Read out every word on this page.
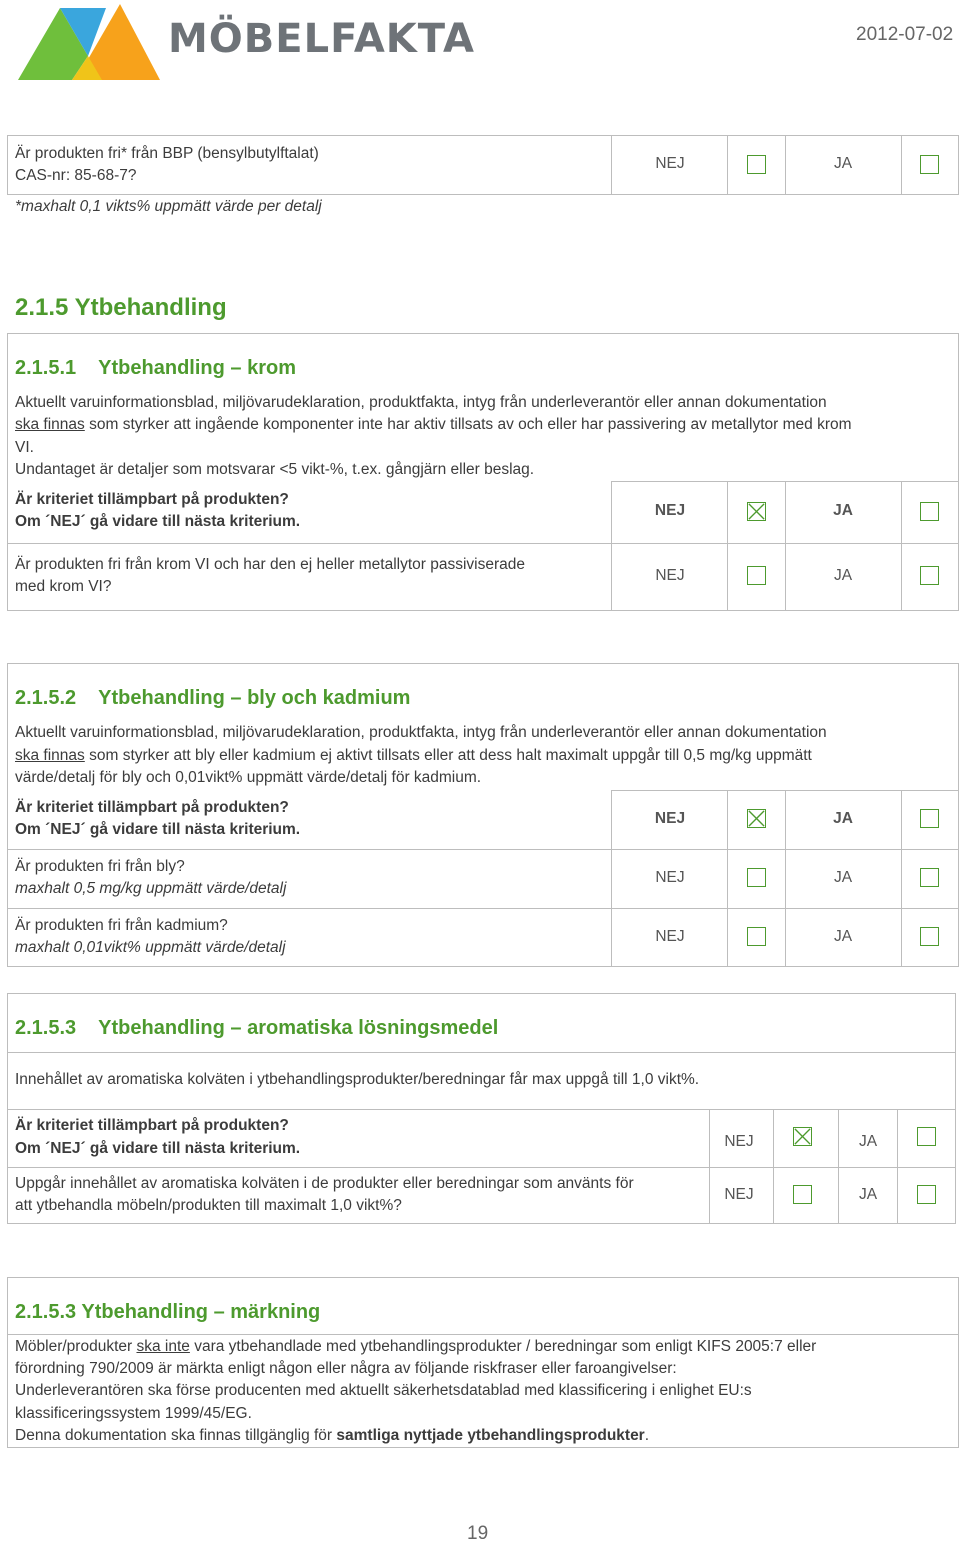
MÖBELFAKTA	2012-07-02
Är produkten fri* från BBP (bensylbutylftalat)
CAS-nr: 85-68-7?
*maxhalt 0,1 vikts% uppmätt värde per detalj
NEJ	JA
2.1.5 Ytbehandling
2.1.5.1 Ytbehandling – krom
Aktuellt varuinformationsblad, miljövarudeklaration, produktfakta, intyg från underleverantör eller annan dokumentation
ska finnas som styrker att ingående komponenter inte har aktiv tillsats av och eller har passivering av metallytor med krom
VI.
Undantaget är detaljer som motsvarar <5 vikt-%, t.ex. gångjärn eller beslag.
Är kriteriet tillämpbart på produkten?
Om ´NEJ´ gå vidare till nästa kriterium.
NEJ	JA
Är produkten fri från krom VI och har den ej heller metallytor passiviserade
med krom VI?
NEJ	JA
2.1.5.2 Ytbehandling – bly och kadmium
Aktuellt varuinformationsblad, miljövarudeklaration, produktfakta, intyg från underleverantör eller annan dokumentation
ska finnas som styrker att bly eller kadmium ej aktivt tillsats eller att dess halt maximalt uppgår till 0,5 mg/kg uppmätt
värde/detalj för bly och 0,01vikt% uppmätt värde/detalj för kadmium.
Är kriteriet tillämpbart på produkten?
Om ´NEJ´ gå vidare till nästa kriterium.
NEJ	JA
Är produkten fri från bly?
maxhalt 0,5 mg/kg uppmätt värde/detalj
NEJ	JA
Är produkten fri från kadmium?
maxhalt 0,01vikt% uppmätt värde/detalj
NEJ	JA
2.1.5.3 Ytbehandling – aromatiska lösningsmedel
Innehållet av aromatiska kolväten i ytbehandlingsprodukter/beredningar får max uppgå till 1,0 vikt%.
Är kriteriet tillämpbart på produkten?
Om ´NEJ´ gå vidare till nästa kriterium.	NEJ	JA
Uppgår innehållet av aromatiska kolväten i de produkter eller beredningar som använts för
att ytbehandla möbeln/produkten till maximalt 1,0 vikt%?
NEJ	JA
2.1.5.3 Ytbehandling – märkning
Möbler/produkter ska inte vara ytbehandlade med ytbehandlingsprodukter / beredningar som enligt KIFS 2005:7 eller
förordning 790/2009 är märkta enligt någon eller några av följande riskfraser eller faroangivelser:
Underleverantören ska förse producenten med aktuellt säkerhetsdatablad med klassificering i enlighet EU:s
klassificeringssystem 1999/45/EG.
Denna dokumentation ska finnas tillgänglig för samtliga nyttjade ytbehandlingsprodukter.
19
